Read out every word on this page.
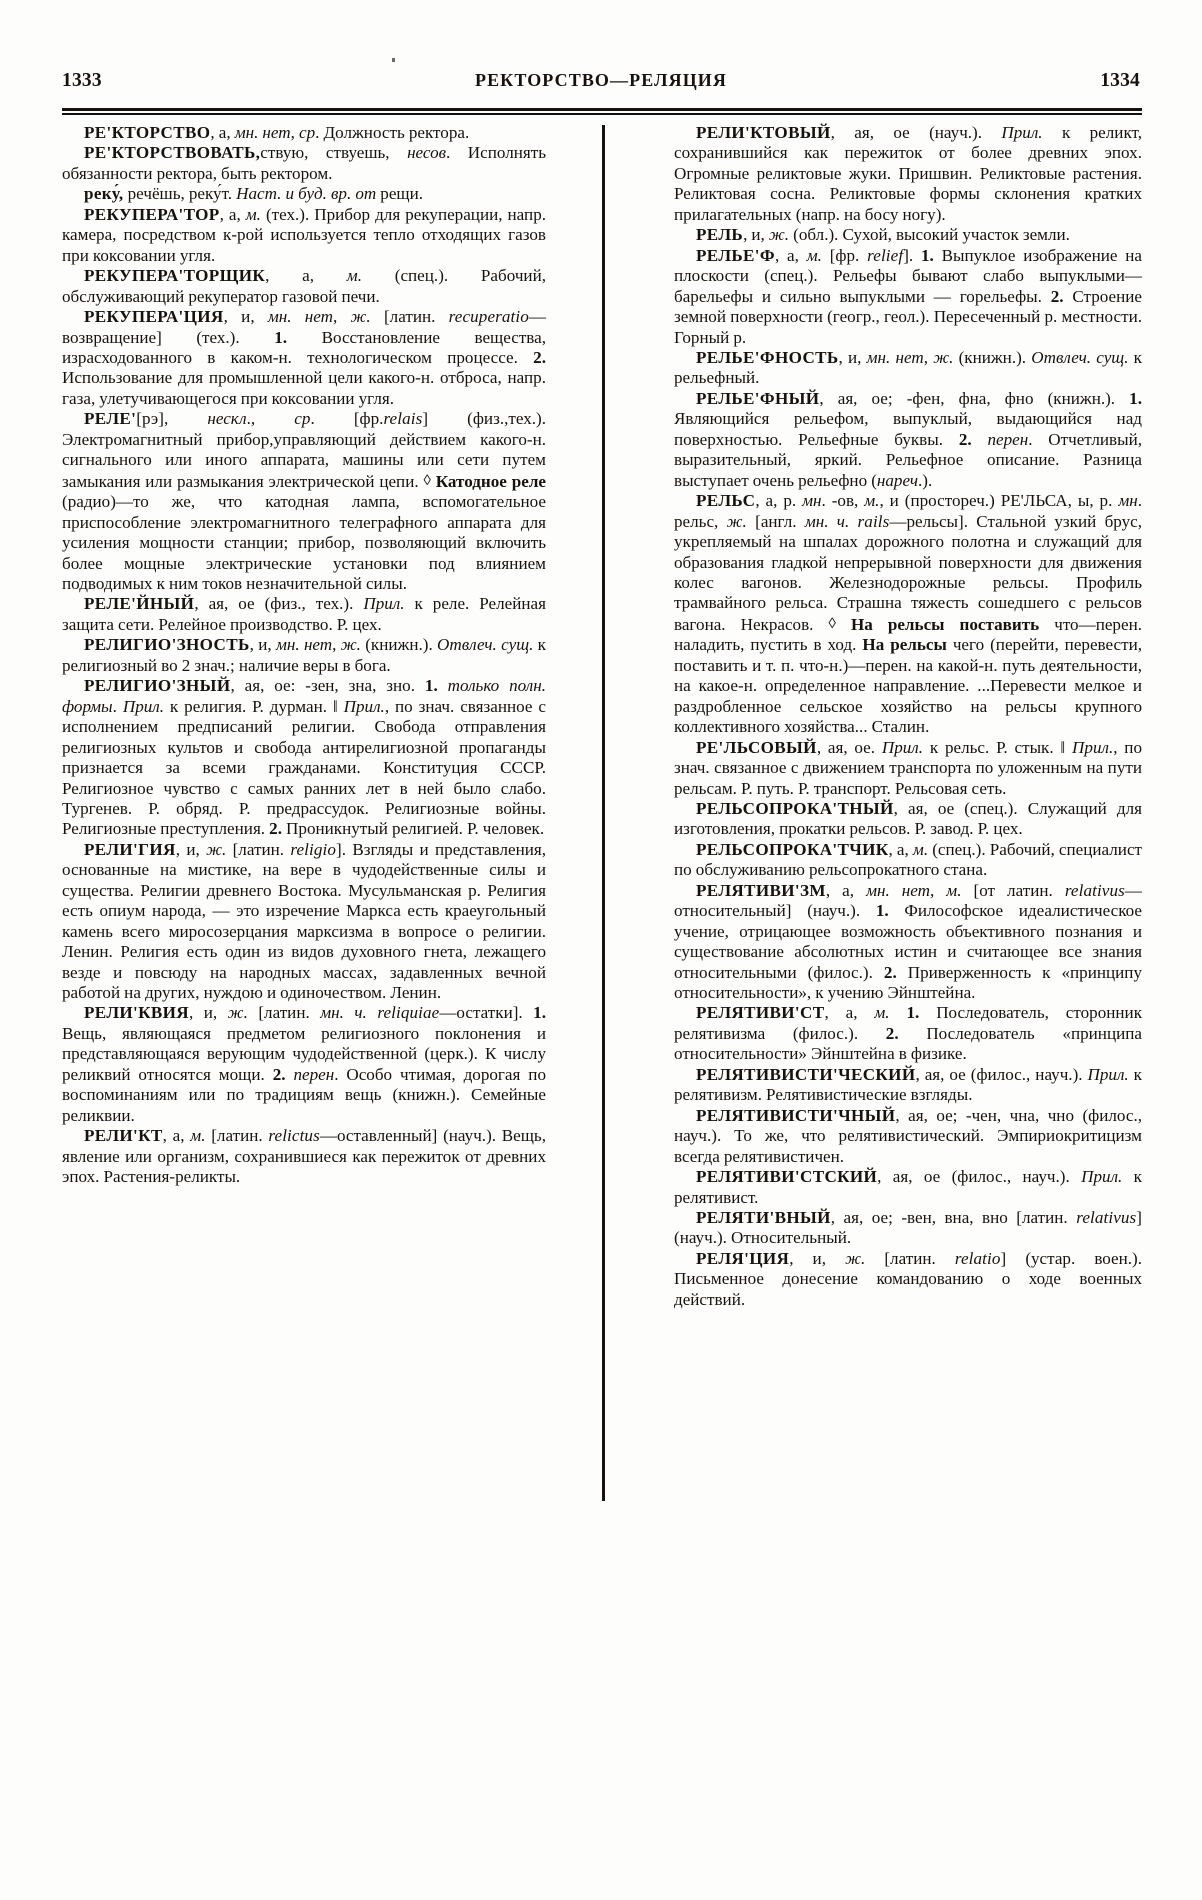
1333	РЕКТОРСТВО—РЕЛЯЦИЯ	1334

РЕ'КТОРСТВО, а, мн. нет, ср. Должность ректора.

РЕ'КТОРСТВОВАТЬ,ствую, ствуешь, несов. Исполнять обязанности ректора, быть ректором.

реку́, речёшь, реку́т. Наст. и буд. вр. от рещи.

РЕКУПЕРА'ТОР, а, м. (тех.). Прибор для рекуперации, напр. камера, посредством к-рой используется тепло отходящих газов при коксовании угля.

РЕКУПЕРА'ТОРЩИК, а, м. (спец.). Рабочий, обслуживающий рекуператор газовой печи.

РЕКУПЕРА'ЦИЯ, и, мн. нет, ж. [латин. recuperatio—возвращение] (тех.). 1. Восстановление вещества, израсходованного в каком-н. технологическом процессе. 2. Использование для промышленной цели какого-н. отброса, напр. газа, улетучивающегося при коксовании угля.

РЕЛЕ'[рэ], нескл., ср. [фр.relais] (физ.,тех.). Электромагнитный прибор,управляющий действием какого-н. сигнального или иного аппарата, машины или сети путем замыкания или размыкания электрической цепи. ◊ Катодное реле (радио)—то же, что катодная лампа, вспомогательное приспособление электромагнитного телеграфного аппарата для усиления мощности станции; прибор, позволяющий включить более мощные электрические установки под влиянием подводимых к ним токов незначительной силы.

РЕЛЕ'ЙНЫЙ, ая, ое (физ., тех.). Прил. к реле. Релейная защита сети. Релейное производство. Р. цех.

РЕЛИГИО'ЗНОСТЬ, и, мн. нет, ж. (книжн.). Отвлеч. сущ. к религиозный во 2 знач.; наличие веры в бога.

РЕЛИГИО'ЗНЫЙ, ая, ое: -зен, зна, зно. 1. только полн. формы. Прил. к религия. Р. дурман. ‖ Прил., по знач. связанное с исполнением предписаний религии. Свобода отправления религиозных культов и свобода антирелигиозной пропаганды признается за всеми гражданами. Конституция СССР. Религиозное чувство с самых ранних лет в ней было слабо. Тургенев. Р. обряд. Р. предрассудок. Религиозные войны. Религиозные преступления. 2. Проникнутый религией. Р. человек.

РЕЛИ'ГИЯ, и, ж. [латин. religio]. Взгляды и представления, основанные на мистике, на вере в чудодейственные силы и существа. Религии древнего Востока. Мусульманская р. Религия есть опиум народа, — это изречение Маркса есть краеугольный камень всего миросозерцания марксизма в вопросе о религии. Ленин. Религия есть один из видов духовного гнета, лежащего везде и повсюду на народных массах, задавленных вечной работой на других, нуждою и одиночеством. Ленин.

РЕЛИ'КВИЯ, и, ж. [латин. мн. ч. reliquiae—остатки]. 1. Вещь, являющаяся предметом религиозного поклонения и представляющаяся верующим чудодейственной (церк.). К числу реликвий относятся мощи. 2. перен. Особо чтимая, дорогая по воспоминаниям или по традициям вещь (книжн.). Семейные реликвии.

РЕЛИ'КТ, а, м. [латин. relictus—оставленный] (науч.). Вещь, явление или организм, сохранившиеся как пережиток от древних эпох. Растения-реликты.

РЕЛИ'КТОВЫЙ, ая, ое (науч.). Прил. к реликт, сохранившийся как пережиток от более древних эпох. Огромные реликтовые жуки. Пришвин. Реликтовые растения. Реликтовая сосна. Реликтовые формы склонения кратких прилагательных (напр. на босу ногу).

РЕЛЬ, и, ж. (обл.). Сухой, высокий участок земли.

РЕЛЬЕ'Ф, а, м. [фр. relief]. 1. Выпуклое изображение на плоскости (спец.). Рельефы бывают слабо выпуклыми—барельефы и сильно выпуклыми — горельефы. 2. Строение земной поверхности (геогр., геол.). Пересеченный р. местности. Горный р.

РЕЛЬЕ'ФНОСТЬ, и, мн. нет, ж. (книжн.). Отвлеч. сущ. к рельефный.

РЕЛЬЕ'ФНЫЙ, ая, ое; -фен, фна, фно (книжн.). 1. Являющийся рельефом, выпуклый, выдающийся над поверхностью. Рельефные буквы. 2. перен. Отчетливый, выразительный, яркий. Рельефное описание. Разница выступает очень рельефно (нареч.).

РЕЛЬС, а, р. мн. -ов, м., и (простореч.) РЕ'ЛЬСА, ы, р. мн. рельс, ж. [англ. мн. ч. rails—рельсы]. Стальной узкий брус, укрепляемый на шпалах дорожного полотна и служащий для образования гладкой непрерывной поверхности для движения колес вагонов. Железнодорожные рельсы. Профиль трамвайного рельса. Страшна тяжесть сошедшего с рельсов вагона. Некрасов. ◊ На рельсы поставить что—перен. наладить, пустить в ход. На рельсы чего (перейти, перевести, поставить и т. п. что-н.)—перен. на какой-н. путь деятельности, на какое-н. определенное направление. ...Перевести мелкое и раздробленное сельское хозяйство на рельсы крупного коллективного хозяйства... Сталин.

РЕ'ЛЬСОВЫЙ, ая, ое. Прил. к рельс. Р. стык. ‖ Прил., по знач. связанное с движением транспорта по уложенным на пути рельсам. Р. путь. Р. транспорт. Рельсовая сеть.

РЕЛЬСОПРОКА'ТНЫЙ, ая, ое (спец.). Служащий для изготовления, прокатки рельсов. Р. завод. Р. цех.

РЕЛЬСОПРОКА'ТЧИК, а, м. (спец.). Рабочий, специалист по обслуживанию рельсопрокатного стана.

РЕЛЯТИВИ'ЗМ, а, мн. нет, м. [от латин. relativus—относительный] (науч.). 1. Философское идеалистическое учение, отрицающее возможность объективного познания и существование абсолютных истин и считающее все знания относительными (филос.). 2. Приверженность к «принципу относительности», к учению Эйнштейна.

РЕЛЯТИВИ'СТ, а, м. 1. Последователь, сторонник релятивизма (филос.). 2. Последователь «принципа относительности» Эйнштейна в физике.

РЕЛЯТИВИСТИ'ЧЕСКИЙ, ая, ое (филос., науч.). Прил. к релятивизм. Релятивистические взгляды.

РЕЛЯТИВИСТИ'ЧНЫЙ, ая, ое; -чен, чна, чно (филос., науч.). То же, что релятивистический. Эмпириокритицизм всегда релятивистичен.

РЕЛЯТИВИ'СТСКИЙ, ая, ое (филос., науч.). Прил. к релятивист.

РЕЛЯТИ'ВНЫЙ, ая, ое; -вен, вна, вно [латин. relativus] (науч.). Относительный.

РЕЛЯ'ЦИЯ, и, ж. [латин. relatio] (устар. воен.). Письменное донесение командованию о ходе военных действий.
